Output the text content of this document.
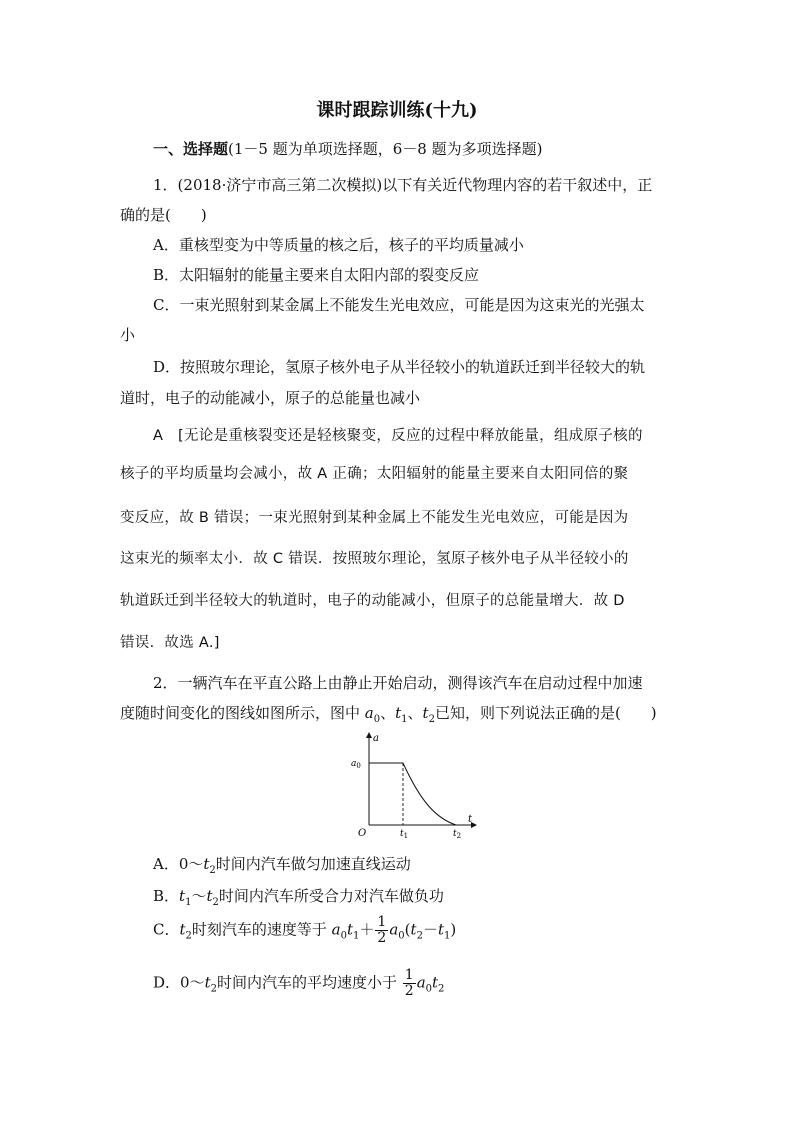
课时跟踪训练(十九)
一、选择题(1－5 题为单项选择题，6－8 题为多项选择题)
1．(2018·济宁市高三第二次模拟)以下有关近代物理内容的若干叙述中，正
确的是(　　)
A．重核型变为中等质量的核之后，核子的平均质量减小
B．太阳辐射的能量主要来自太阳内部的裂变反应
C．一束光照射到某金属上不能发生光电效应，可能是因为这束光的光强太
小
D．按照玻尔理论，氢原子核外电子从半径较小的轨道跃迁到半径较大的轨
道时，电子的动能减小，原子的总能量也减小
A　[无论是重核裂变还是轻核聚变，反应的过程中释放能量，组成原子核的
核子的平均质量均会减小，故 A 正确；太阳辐射的能量主要来自太阳同倍的聚
变反应，故 B 错误；一束光照射到某种金属上不能发生光电效应，可能是因为
这束光的频率太小．故 C 错误．按照玻尔理论，氢原子核外电子从半径较小的
轨道跃迁到半径较大的轨道时，电子的动能减小，但原子的总能量增大．故 D
错误．故选 A.]
2．一辆汽车在平直公路上由静止开始启动，测得该汽车在启动过程中加速
度随时间变化的图线如图所示，图中 $a_0$、$t_1$、$t_2$已知，则下列说法正确的是(　　)
a
t
O
$a_0$
$t_1$	$t_2$
A．$0\sim t_2$时间内汽车做匀加速直线运动
B．$t_1\sim t_2$时间内汽车所受合力对汽车做负功
C．$t_2$时刻汽车的速度等于 $a_0t_1+ \frac{1}{2} a_0(t_2-t_1)$
D．$0\sim t_2$时间内汽车的平均速度小于 $\frac{1}{2} a_0t_2$
